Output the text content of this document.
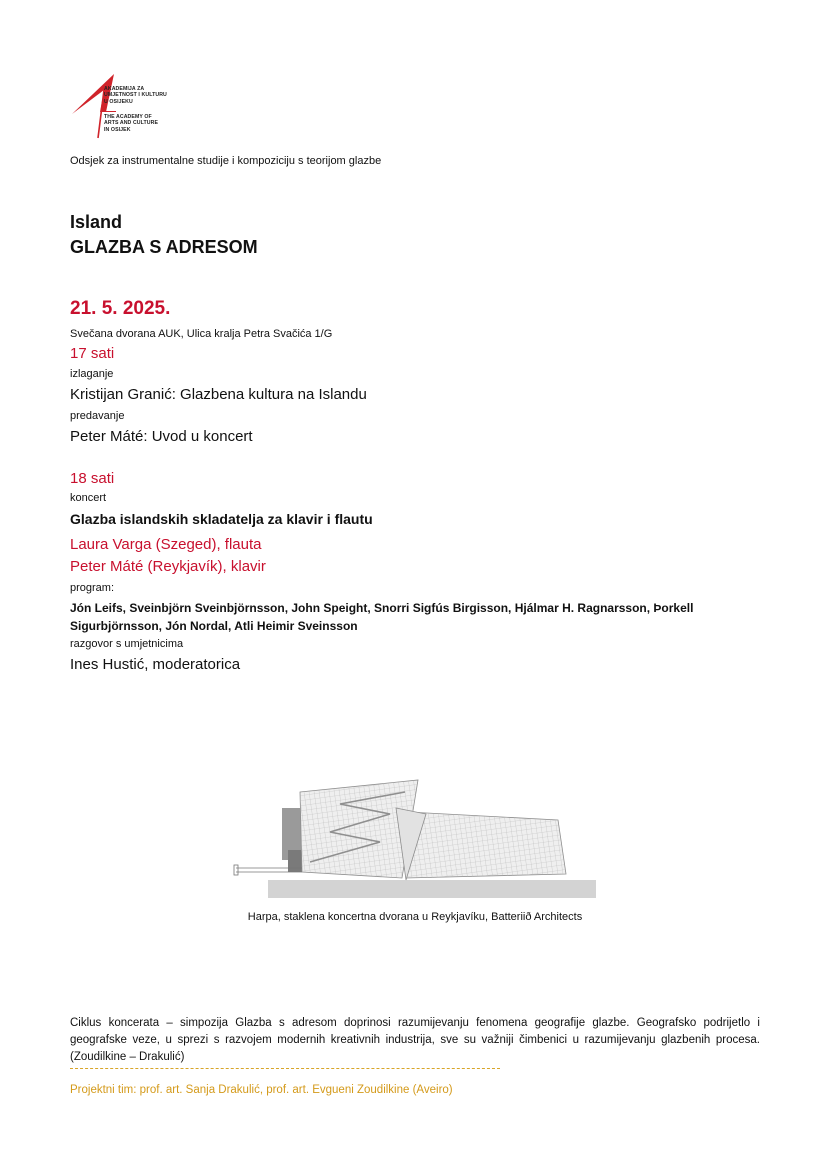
AKADEMIJA ZA
UMJETNOST I KULTURU
U OSIJEKU
THE ACADEMY OF
ARTS AND CULTURE
IN OSIJEK
Odsjek za instrumentalne studije i kompoziciju s teorijom glazbe
Island
GLAZBA S ADRESOM
21. 5. 2025.
Svečana dvorana AUK, Ulica kralja Petra Svačića 1/G
17 sati
izlaganje
Kristijan Granić: Glazbena kultura na Islandu
predavanje
Peter Máté: Uvod u koncert
18 sati
koncert
Glazba islandskih skladatelja za klavir i flautu
Laura Varga (Szeged), flauta
Peter Máté (Reykjavík), klavir
program:
Jón Leifs, Sveinbjörn Sveinbjörnsson, John Speight, Snorri Sigfús Birgisson, Hjálmar H. Ragnarsson, Þorkell Sigurbjörnsson, Jón Nordal, Atli Heimir Sveinsson
razgovor s umjetnicima
Ines Hustić, moderatorica
Harpa, staklena koncertna dvorana u Reykjavíku, Batteriið Architects
Ciklus koncerata – simpozija Glazba s adresom doprinosi razumijevanju fenomena geografije glazbe. Geografsko podrijetlo i geografske veze, u sprezi s razvojem modernih kreativnih industrija, sve su važniji čimbenici u razumijevanju glazbenih procesa. (Zoudilkine – Drakulić)
Projektni tim: prof. art. Sanja Drakulić, prof. art. Evgueni Zoudilkine (Aveiro)
